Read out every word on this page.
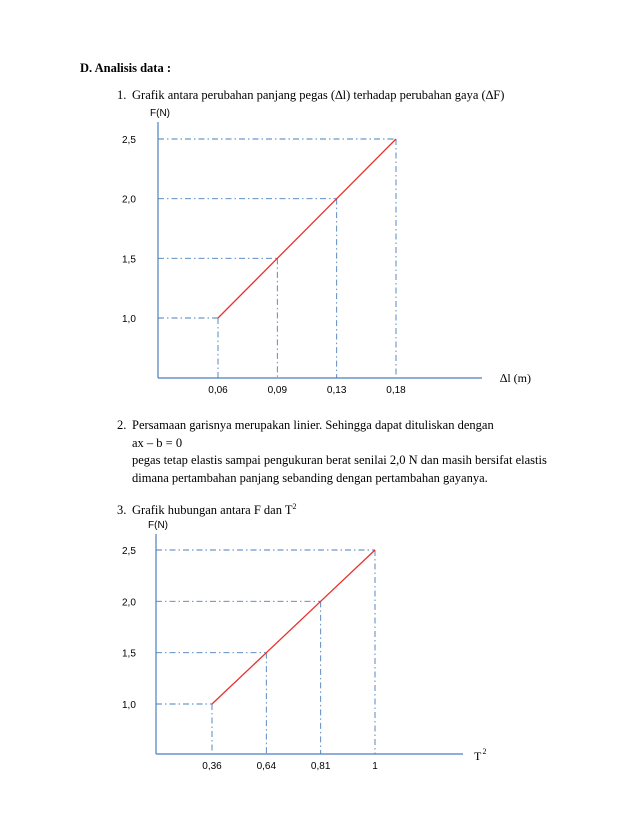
D. Analisis data :
1. Grafik antara perubahan panjang pegas (∆l) terhadap perubahan gaya (∆F)
1,0
1,5
2,0
2,5
0,06	0,09	0,13	0,18
F(N)
∆l (m)
2. Persamaan garisnya merupakan linier. Sehingga dapat dituliskan dengan
ax – b = 0
pegas tetap elastis sampai pengukuran berat senilai 2,0 N dan masih bersifat elastis
dimana pertambahan panjang sebanding dengan pertambahan gayanya.
3. Grafik hubungan antara F dan $T^2$
1,0
1,5
2,0
2,5
0,36	0,64	0,81	1
F(N)
T 2
